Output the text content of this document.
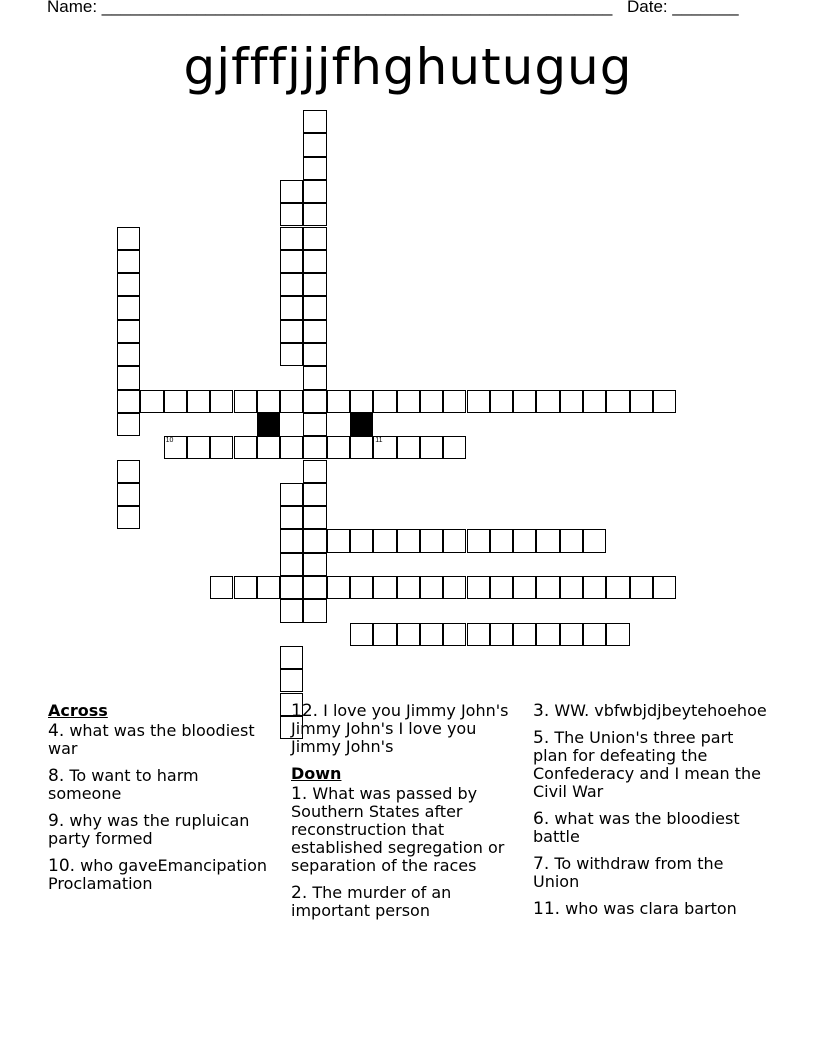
Name: ______________________________________________________ Date: _______
gjfffjjjfhghutugug
10	11
Across
4. what was the bloodiest war
8. To want to harm someone
9. why was the rupluican party formed
10. who gaveEmancipation Proclamation
12. I love you Jimmy John's Jimmy John's I love you Jimmy John's
Down
1. What was passed by Southern States after reconstruction that established segregation or separation of the races
2. The murder of an important person
3. WW. vbfwbjdjbeytehoehoe
5. The Union's three part plan for defeating the Confederacy and I mean the Civil War
6. what was the bloodiest battle
7. To withdraw from the Union
11. who was clara barton
